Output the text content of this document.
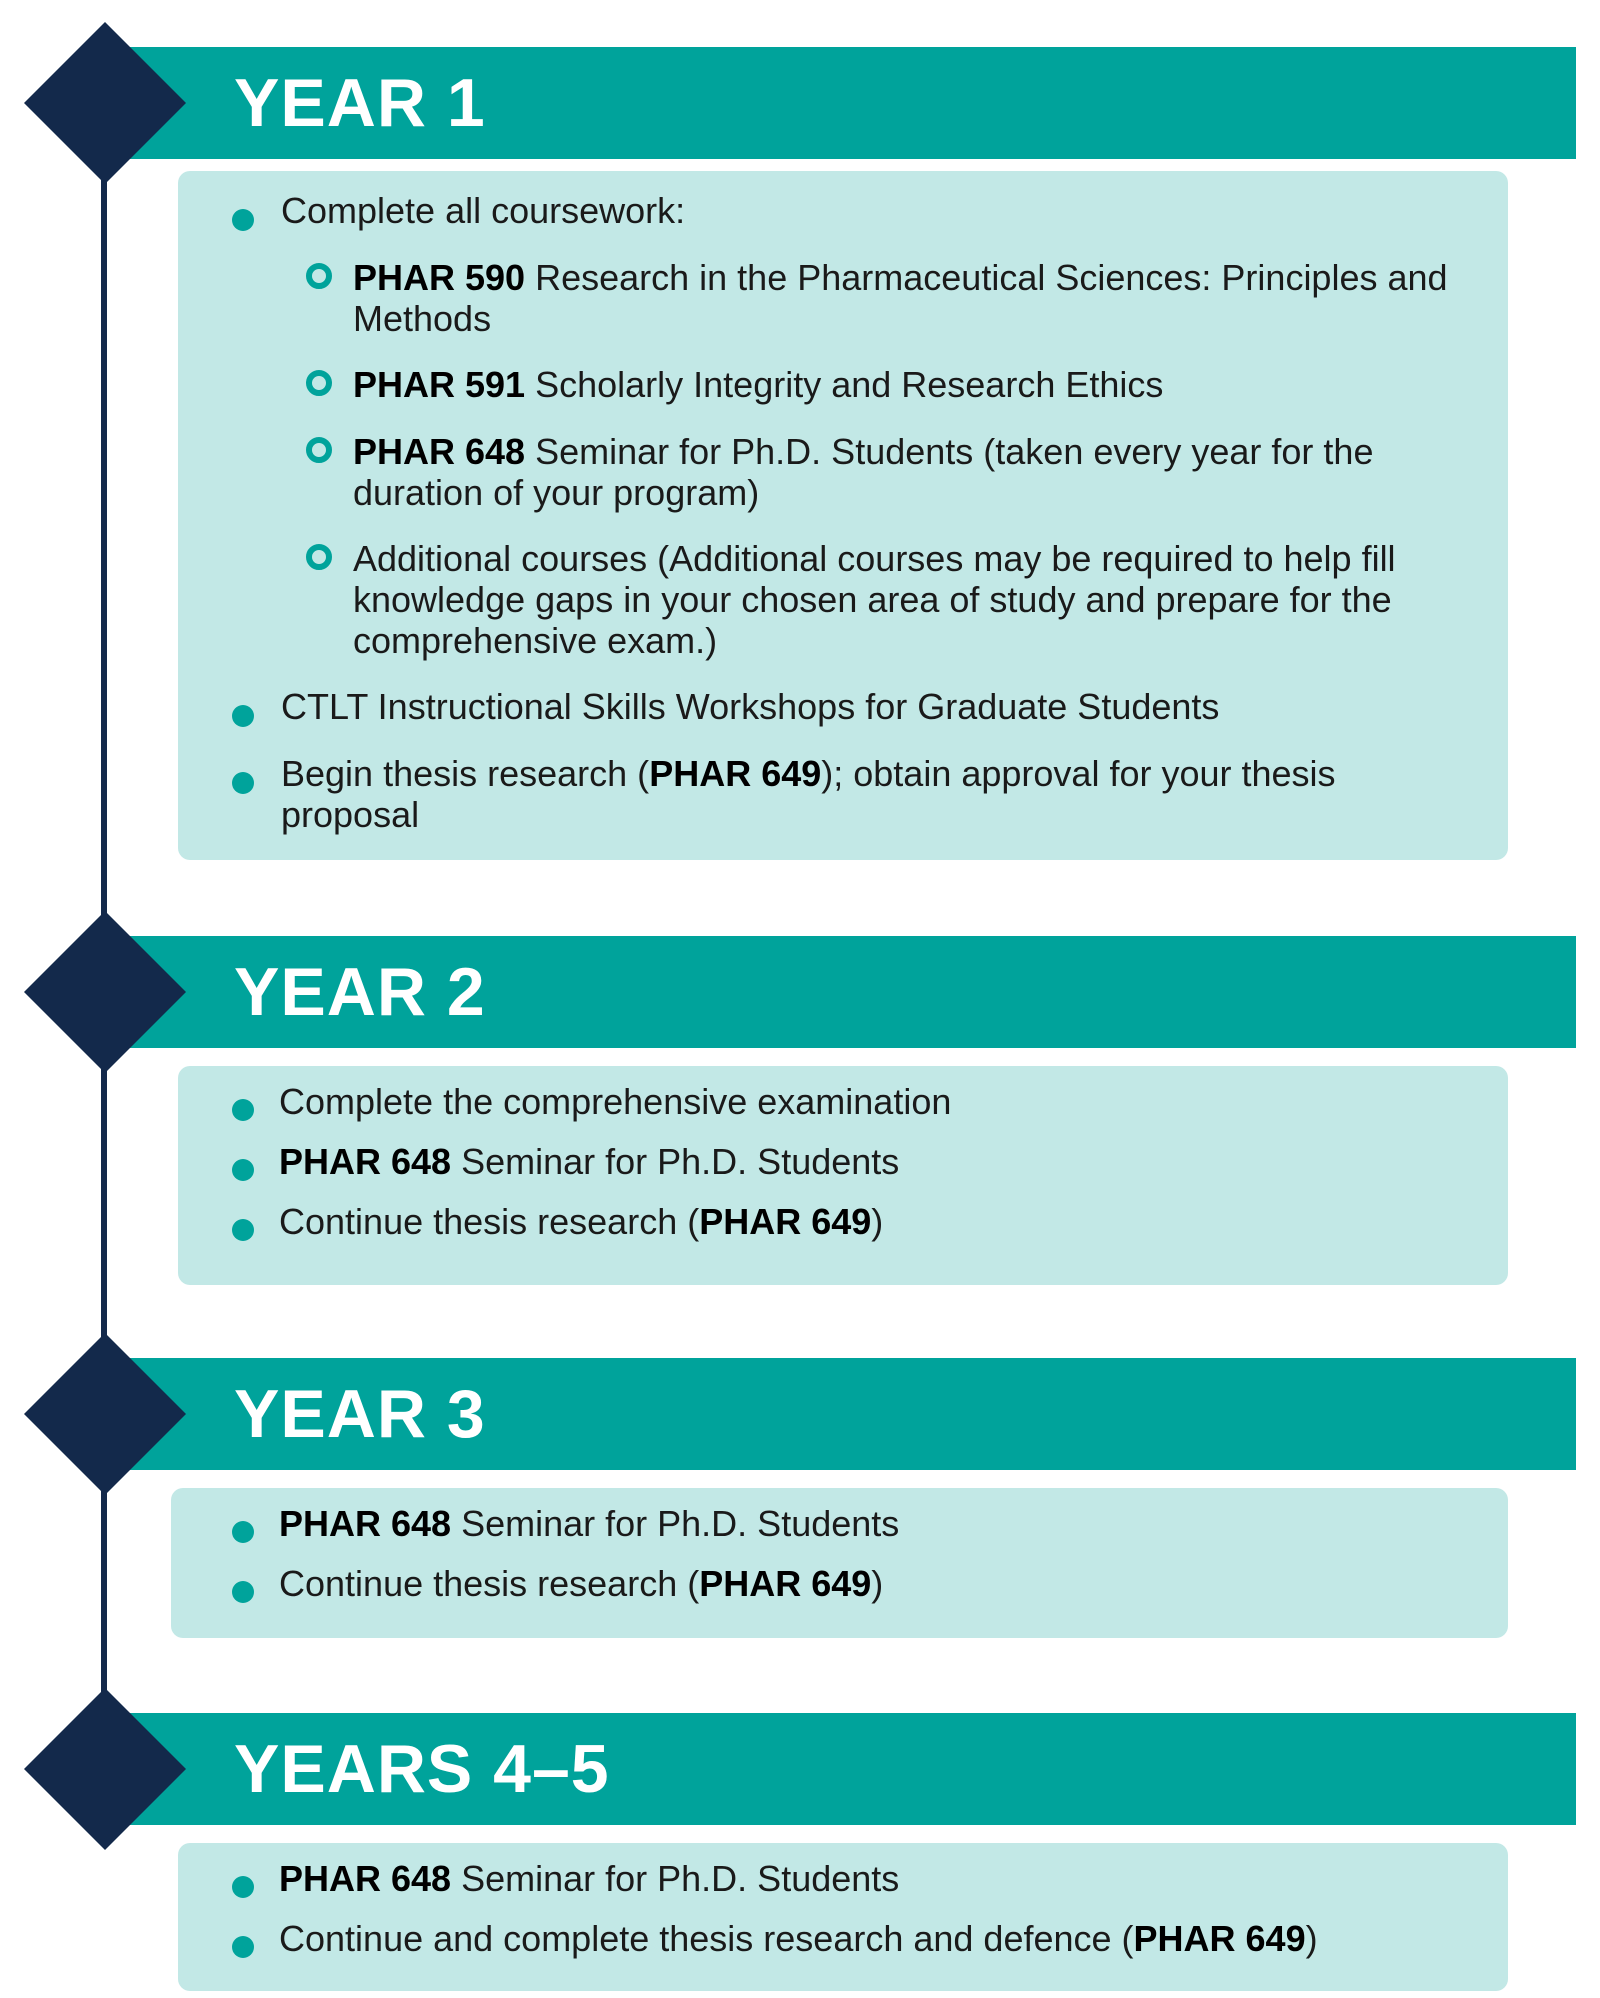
Complete all coursework:
PHAR 590 Research in the Pharmaceutical Sciences: Principles and
Methods
PHAR 591 Scholarly Integrity and Research Ethics
PHAR 648 Seminar for Ph.D. Students (taken every year for the
duration of your program)
Additional courses (Additional courses may be required to help fill
knowledge gaps in your chosen area of study and prepare for the
comprehensive exam.)
CTLT Instructional Skills Workshops for Graduate Students
Begin thesis research (PHAR 649); obtain approval for your thesis
proposal
YEAR 1
Complete the comprehensive examination
PHAR 648 Seminar for Ph.D. Students
Continue thesis research (PHAR 649)
YEAR 2
PHAR 648 Seminar for Ph.D. Students
Continue thesis research (PHAR 649)
YEAR 3
PHAR 648 Seminar for Ph.D. Students
Continue and complete thesis research and defence (PHAR 649)
YEARS 4–5
